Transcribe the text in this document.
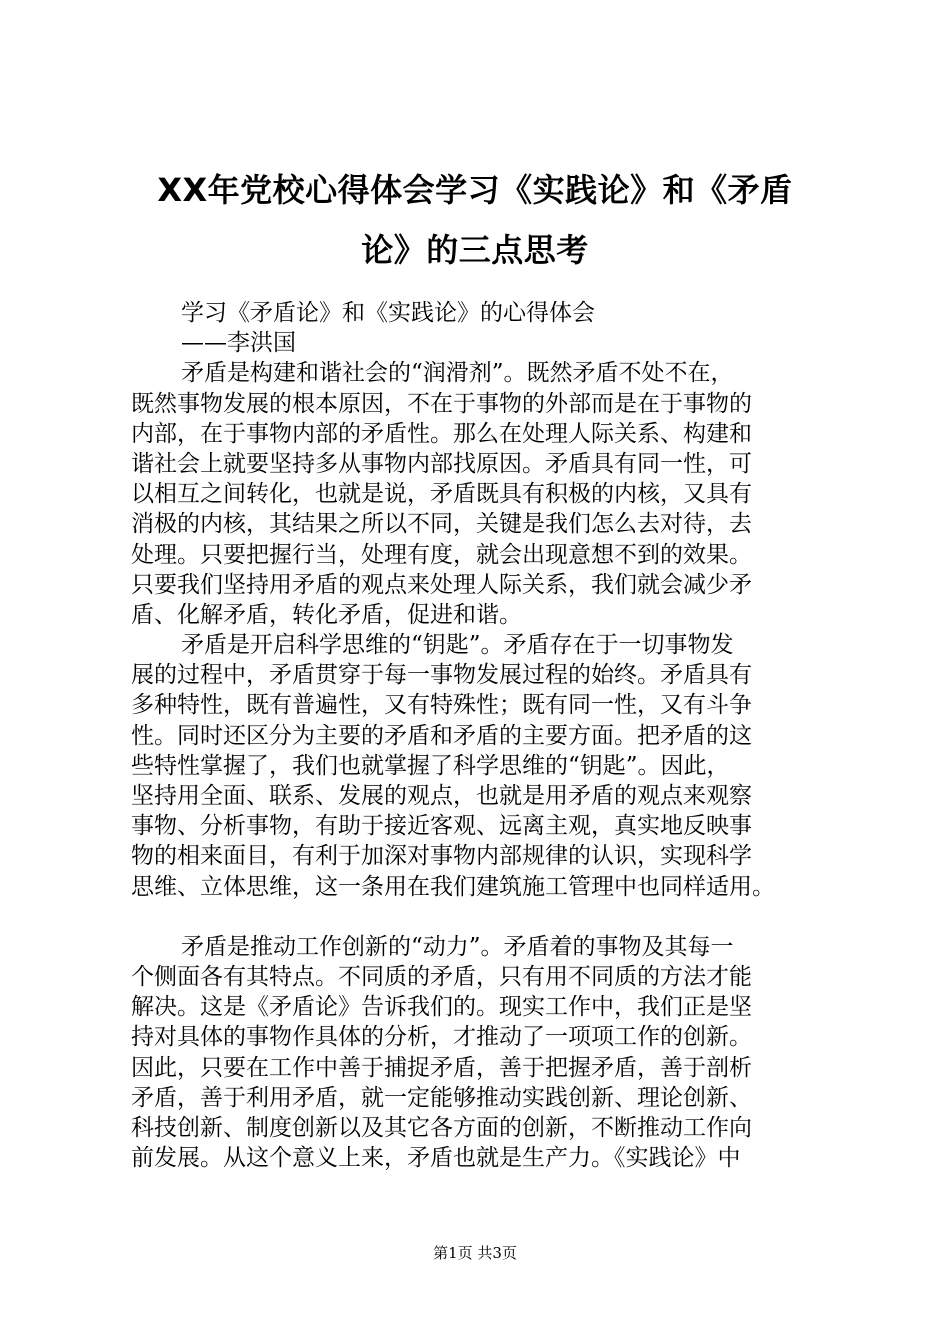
XX年党校心得体会学习《实践论》和《矛盾
论》的三点思考
学习《矛盾论》和《实践论》的心得体会
——李洪国
矛盾是构建和谐社会的“润滑剂”。既然矛盾不处不在，
既然事物发展的根本原因，不在于事物的外部而是在于事物的
内部，在于事物内部的矛盾性。那么在处理人际关系、构建和
谐社会上就要坚持多从事物内部找原因。矛盾具有同一性，可
以相互之间转化，也就是说，矛盾既具有积极的内核，又具有
消极的内核，其结果之所以不同，关键是我们怎么去对待，去
处理。只要把握行当，处理有度，就会出现意想不到的效果。
只要我们坚持用矛盾的观点来处理人际关系，我们就会减少矛
盾、化解矛盾，转化矛盾，促进和谐。
矛盾是开启科学思维的“钥匙”。矛盾存在于一切事物发
展的过程中，矛盾贯穿于每一事物发展过程的始终。矛盾具有
多种特性，既有普遍性，又有特殊性；既有同一性，又有斗争
性。同时还区分为主要的矛盾和矛盾的主要方面。把矛盾的这
些特性掌握了，我们也就掌握了科学思维的“钥匙”。因此，
坚持用全面、联系、发展的观点，也就是用矛盾的观点来观察
事物、分析事物，有助于接近客观、远离主观，真实地反映事
物的相来面目，有利于加深对事物内部规律的认识，实现科学
思维、立体思维，这一条用在我们建筑施工管理中也同样适用。
矛盾是推动工作创新的“动力”。矛盾着的事物及其每一
个侧面各有其特点。不同质的矛盾，只有用不同质的方法才能
解决。这是《矛盾论》告诉我们的。现实工作中，我们正是坚
持对具体的事物作具体的分析，才推动了一项项工作的创新。
因此，只要在工作中善于捕捉矛盾，善于把握矛盾，善于剖析
矛盾，善于利用矛盾，就一定能够推动实践创新、理论创新、
科技创新、制度创新以及其它各方面的创新，不断推动工作向
前发展。从这个意义上来，矛盾也就是生产力。《实践论》中
第1页 共3页
